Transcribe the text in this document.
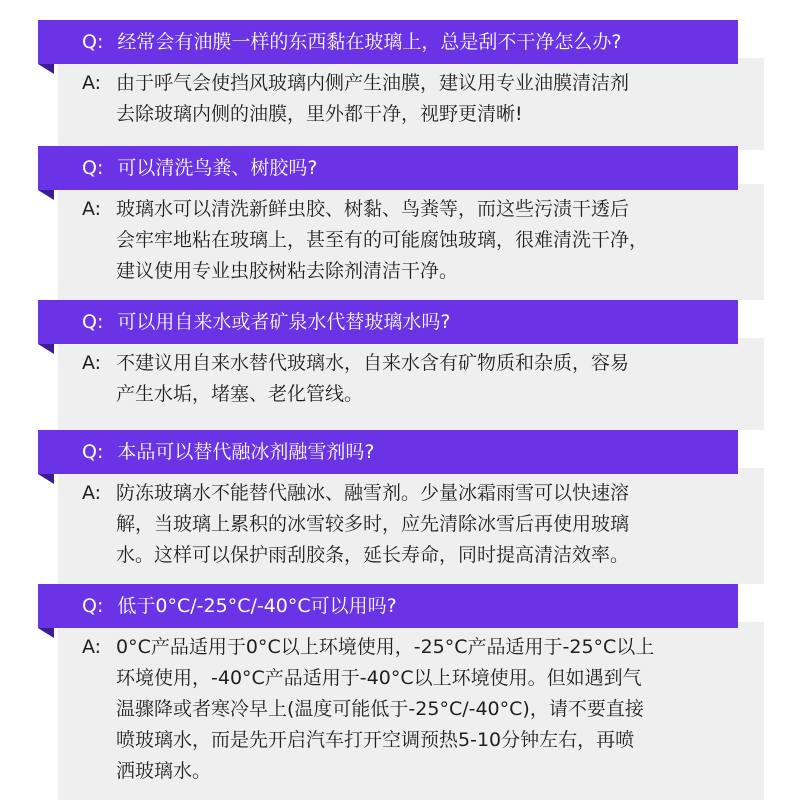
A: 由于呼气会使挡风玻璃内侧产生油膜，建议用专业油膜清洁剂
去除玻璃内侧的油膜，里外都干净，视野更清晰!
Q: 经常会有油膜一样的东西黏在玻璃上，总是刮不干净怎么办?
A: 玻璃水可以清洗新鲜虫胶、树黏、鸟粪等，而这些污渍干透后
会牢牢地粘在玻璃上，甚至有的可能腐蚀玻璃，很难清洗干净，
建议使用专业虫胶树粘去除剂清洁干净。
Q: 可以清洗鸟粪、树胶吗?
A: 不建议用自来水替代玻璃水，自来水含有矿物质和杂质，容易
产生水垢，堵塞、老化管线。
Q: 可以用自来水或者矿泉水代替玻璃水吗?
A: 防冻玻璃水不能替代融冰、融雪剂。少量冰霜雨雪可以快速溶
解，当玻璃上累积的冰雪较多时，应先清除冰雪后再使用玻璃
水。这样可以保护雨刮胶条，延长寿命，同时提高清洁效率。
Q: 本品可以替代融冰剂融雪剂吗?
A: 0°C产品适用于0°C以上环境使用，-25°C产品适用于-25°C以上
环境使用，-40°C产品适用于-40°C以上环境使用。但如遇到气
温骤降或者寒冷早上(温度可能低于-25°C/-40°C)，请不要直接
喷玻璃水，而是先开启汽车打开空调预热5-10分钟左右，再喷
洒玻璃水。
Q: 低于0°C/-25°C/-40°C可以用吗?
